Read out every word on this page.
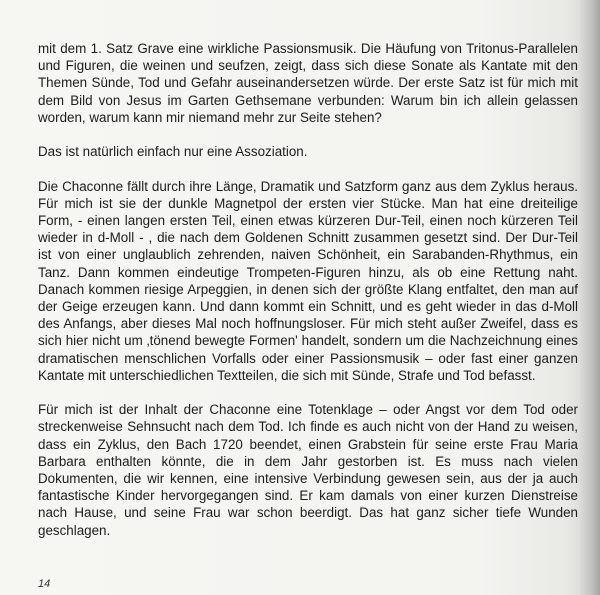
mit dem 1. Satz Grave eine wirkliche Passionsmusik. Die Häufung von Tritonus-Parallelen und Figuren, die weinen und seufzen, zeigt, dass sich diese Sonate als Kantate mit den Themen Sünde, Tod und Gefahr auseinandersetzen würde. Der erste Satz ist für mich mit dem Bild von Jesus im Garten Gethsemane verbunden: Warum bin ich allein gelassen worden, warum kann mir niemand mehr zur Seite stehen?

Das ist natürlich einfach nur eine Assoziation.

Die Chaconne fällt durch ihre Länge, Dramatik und Satzform ganz aus dem Zyklus heraus. Für mich ist sie der dunkle Magnetpol der ersten vier Stücke. Man hat eine dreiteilige Form, - einen langen ersten Teil, einen etwas kürzeren Dur-Teil, einen noch kürzeren Teil wieder in d-Moll - , die nach dem Goldenen Schnitt zusammen gesetzt sind. Der Dur-Teil ist von einer unglaublich zehrenden, naiven Schönheit, ein Sarabanden-Rhythmus, ein Tanz. Dann kommen eindeutige Trompeten-Figuren hinzu, als ob eine Rettung naht. Danach kommen riesige Arpeggien, in denen sich der größte Klang entfaltet, den man auf der Geige erzeugen kann. Und dann kommt ein Schnitt, und es geht wieder in das d-Moll des Anfangs, aber dieses Mal noch hoffnungsloser. Für mich steht außer Zweifel, dass es sich hier nicht um ‚tönend bewegte Formen' handelt, sondern um die Nachzeichnung eines dramatischen menschlichen Vorfalls oder einer Passionsmusik – oder fast einer ganzen Kantate mit unterschiedlichen Textteilen, die sich mit Sünde, Strafe und Tod befasst.

Für mich ist der Inhalt der Chaconne eine Totenklage – oder Angst vor dem Tod oder streckenweise Sehnsucht nach dem Tod. Ich finde es auch nicht von der Hand zu weisen, dass ein Zyklus, den Bach 1720 beendet, einen Grabstein für seine erste Frau Maria Barbara enthalten könnte, die in dem Jahr gestorben ist. Es muss nach vielen Dokumenten, die wir kennen, eine intensive Verbindung gewesen sein, aus der ja auch fantastische Kinder hervorgegangen sind. Er kam damals von einer kurzen Dienstreise nach Hause, und seine Frau war schon beerdigt. Das hat ganz sicher tiefe Wunden geschlagen.

14
